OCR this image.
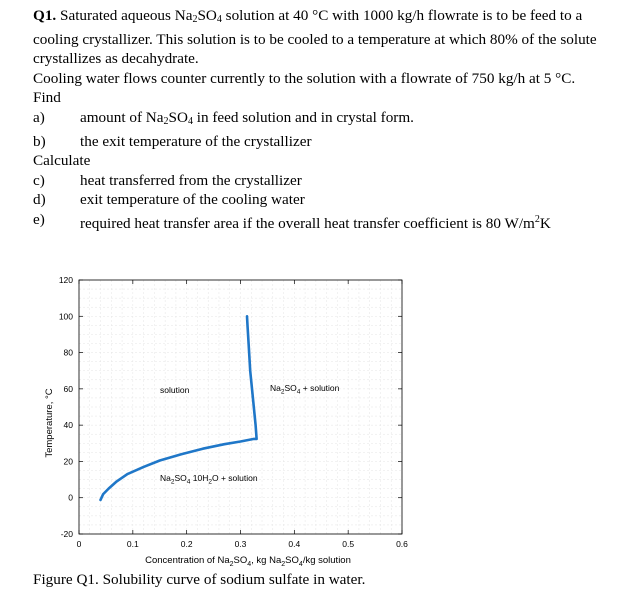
Q1. Saturated aqueous $Na_2SO_4$ solution at 40 °C with 1000 kg/h flowrate is to be feed to a cooling crystallizer. This solution is to be cooled to a temperature at which 80% of the solute crystallizes as decahydrate.

Cooling water flows counter currently to the solution with a flowrate of 750 kg/h at 5 °C.

Find

a)	amount of $Na_2SO_4$ in feed solution and in crystal form.
b)	the exit temperature of the crystallizer

Calculate

c)	heat transferred from the crystallizer
d)	exit temperature of the cooling water
e)	required heat transfer area if the overall heat transfer coefficient is 80 $W/m^2K$
0	0.1	0.2	0.3	0.4	0.5	0.6
-20
0
20
40
60
80
100
120
solution	$Na_2SO_4$ + solution
$Na_2SO_4$ $10H_2O$ + solution
Concentration of $Na_2SO_4$, kg $Na_2SO_4/kg$ solution
Temperature, °C
Figure Q1. Solubility curve of sodium sulfate in water.
